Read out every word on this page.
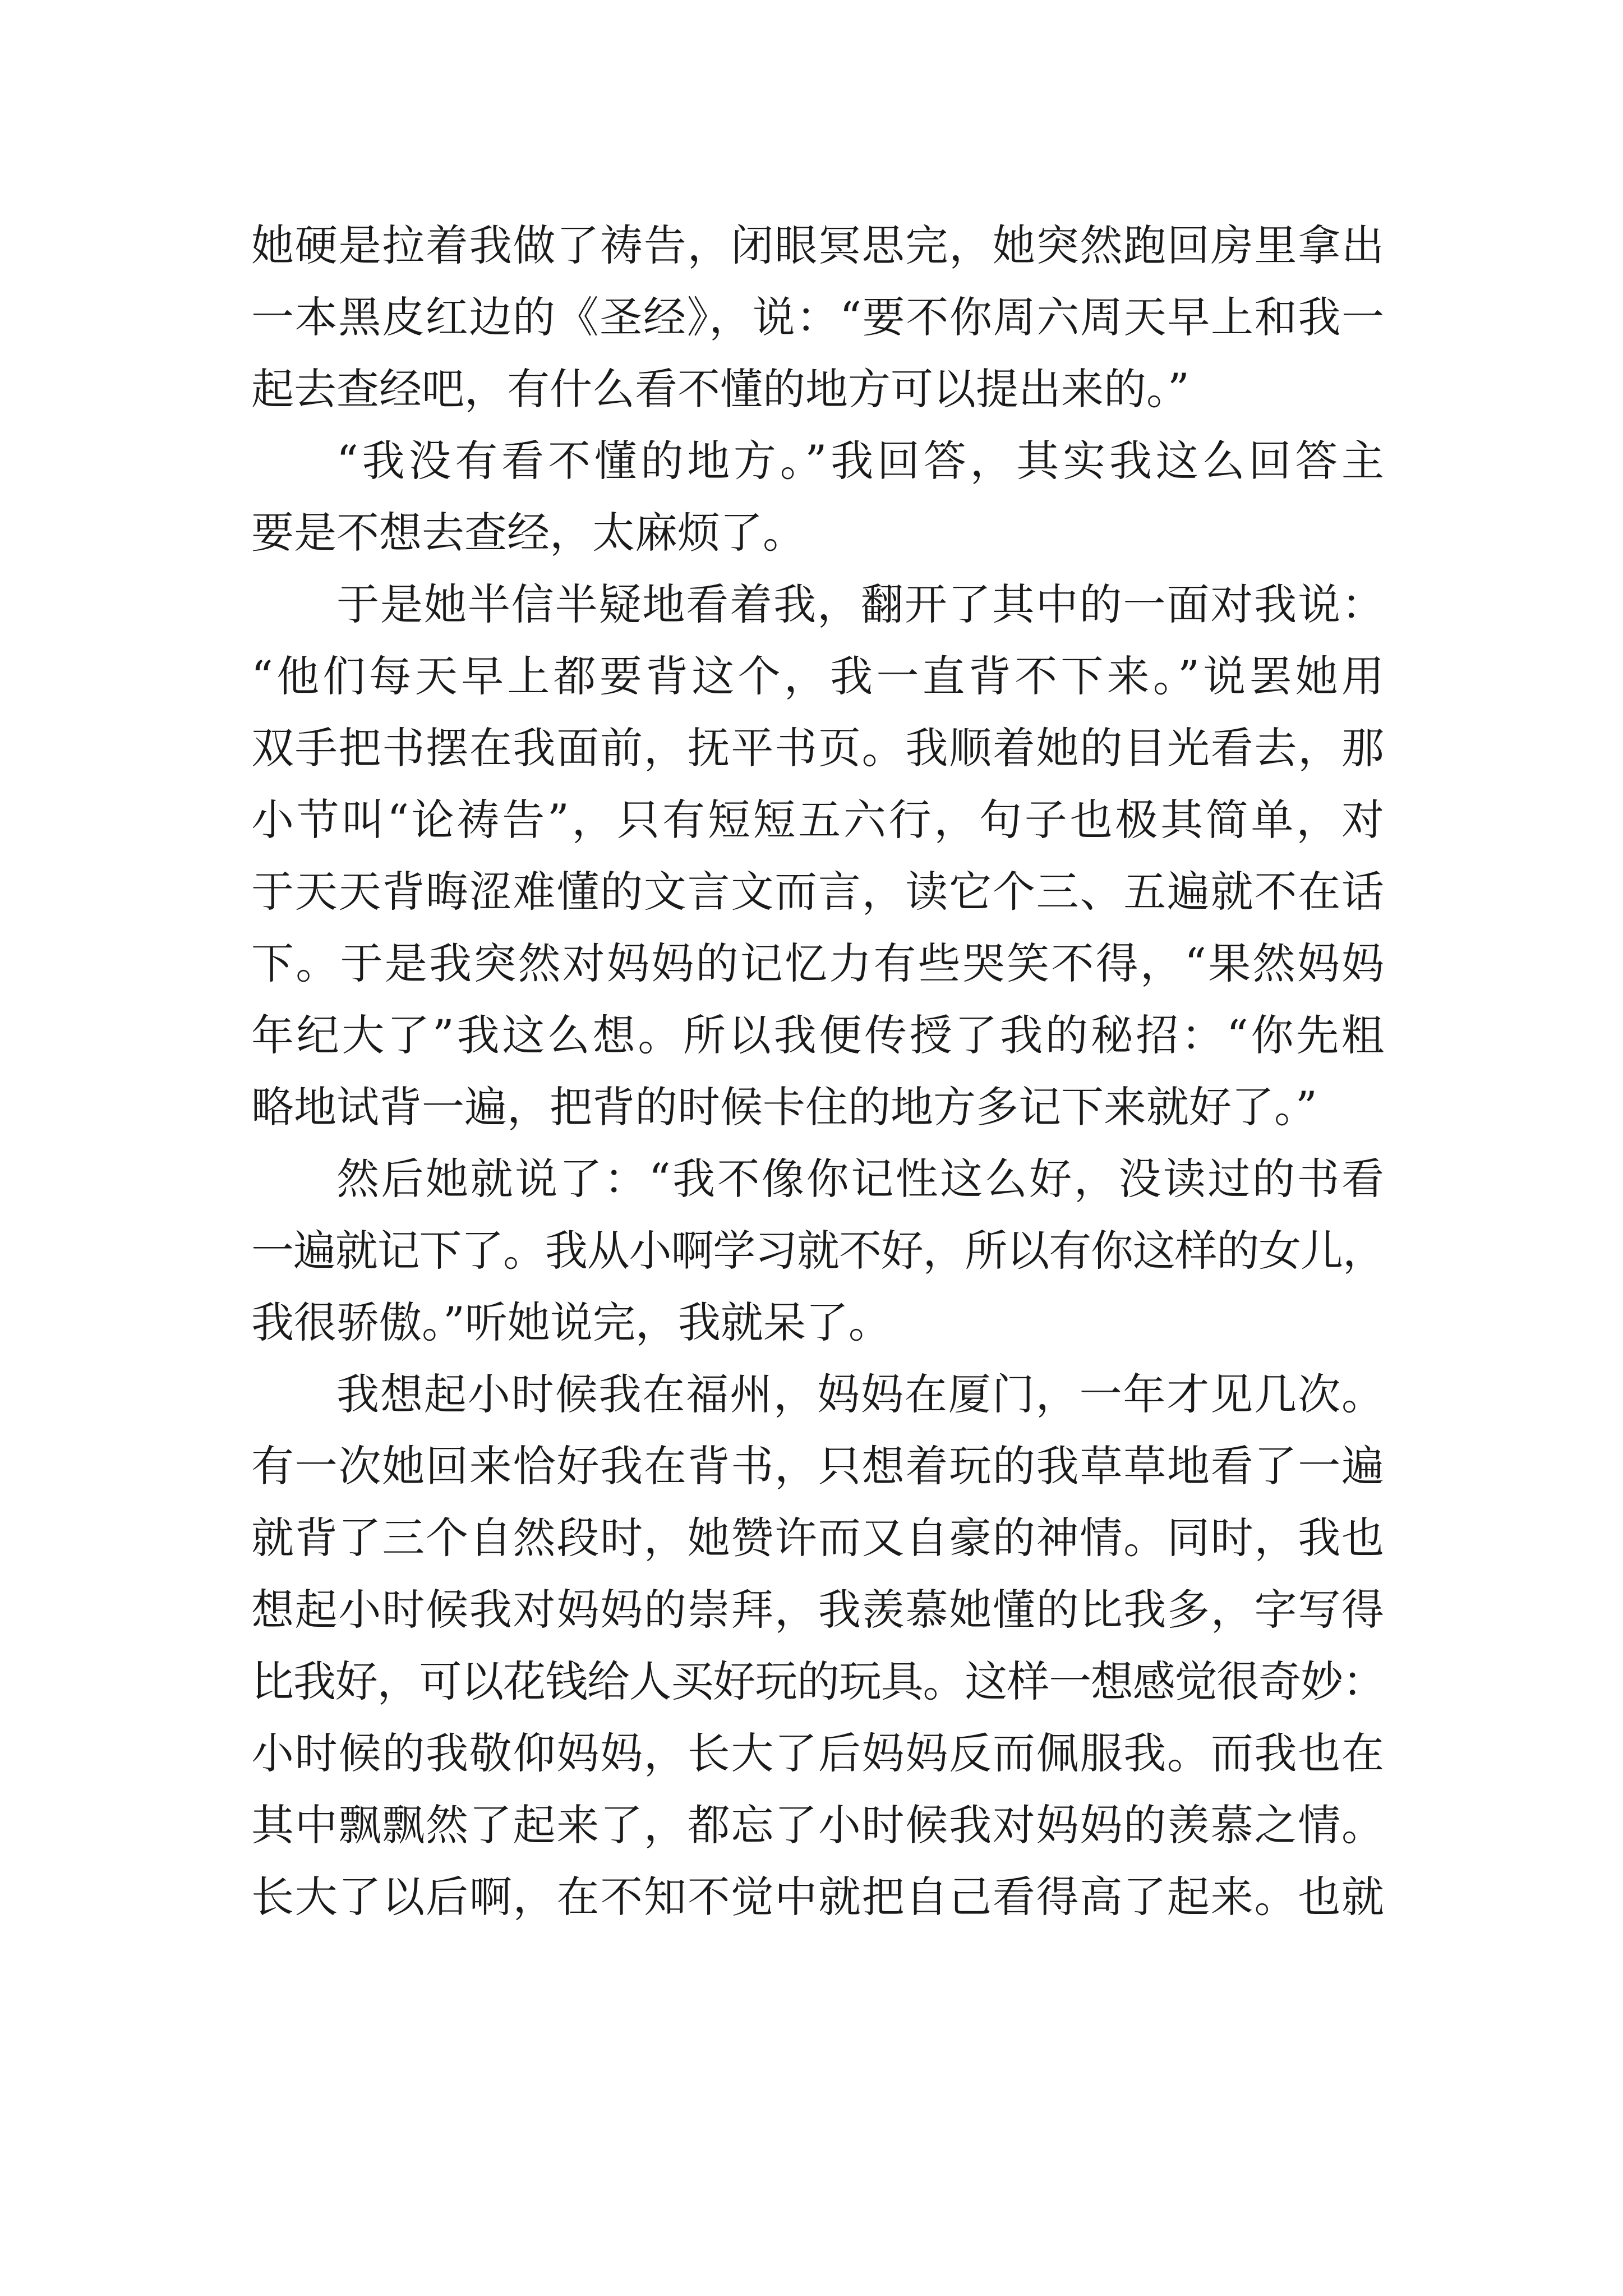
她硬是拉着我做了祷告，闭眼冥思完，她突然跑回房里拿出
一本黑皮红边的《圣经》，说：“要不你周六周天早上和我一
起去查经吧，有什么看不懂的地方可以提出来的。”

“我没有看不懂的地方。”我回答，其实我这么回答主
要是不想去查经，太麻烦了。

于是她半信半疑地看着我，翻开了其中的一面对我说：
“他们每天早上都要背这个，我一直背不下来。”说罢她用
双手把书摆在我面前，抚平书页。我顺着她的目光看去，那
小节叫“论祷告”，只有短短五六行，句子也极其简单，对
于天天背晦涩难懂的文言文而言，读它个三、五遍就不在话
下。于是我突然对妈妈的记忆力有些哭笑不得，“果然妈妈
年纪大了”我这么想。所以我便传授了我的秘招：“你先粗
略地试背一遍，把背的时候卡住的地方多记下来就好了。”

然后她就说了：“我不像你记性这么好，没读过的书看
一遍就记下了。我从小啊学习就不好，所以有你这样的女儿，
我很骄傲。”听她说完，我就呆了。

我想起小时候我在福州，妈妈在厦门，一年才见几次。
有一次她回来恰好我在背书，只想着玩的我草草地看了一遍
就背了三个自然段时，她赞许而又自豪的神情。同时，我也
想起小时候我对妈妈的崇拜，我羡慕她懂的比我多，字写得
比我好，可以花钱给人买好玩的玩具。这样一想感觉很奇妙：
小时候的我敬仰妈妈，长大了后妈妈反而佩服我。而我也在
其中飘飘然了起来了，都忘了小时候我对妈妈的羡慕之情。
长大了以后啊，在不知不觉中就把自己看得高了起来。也就
